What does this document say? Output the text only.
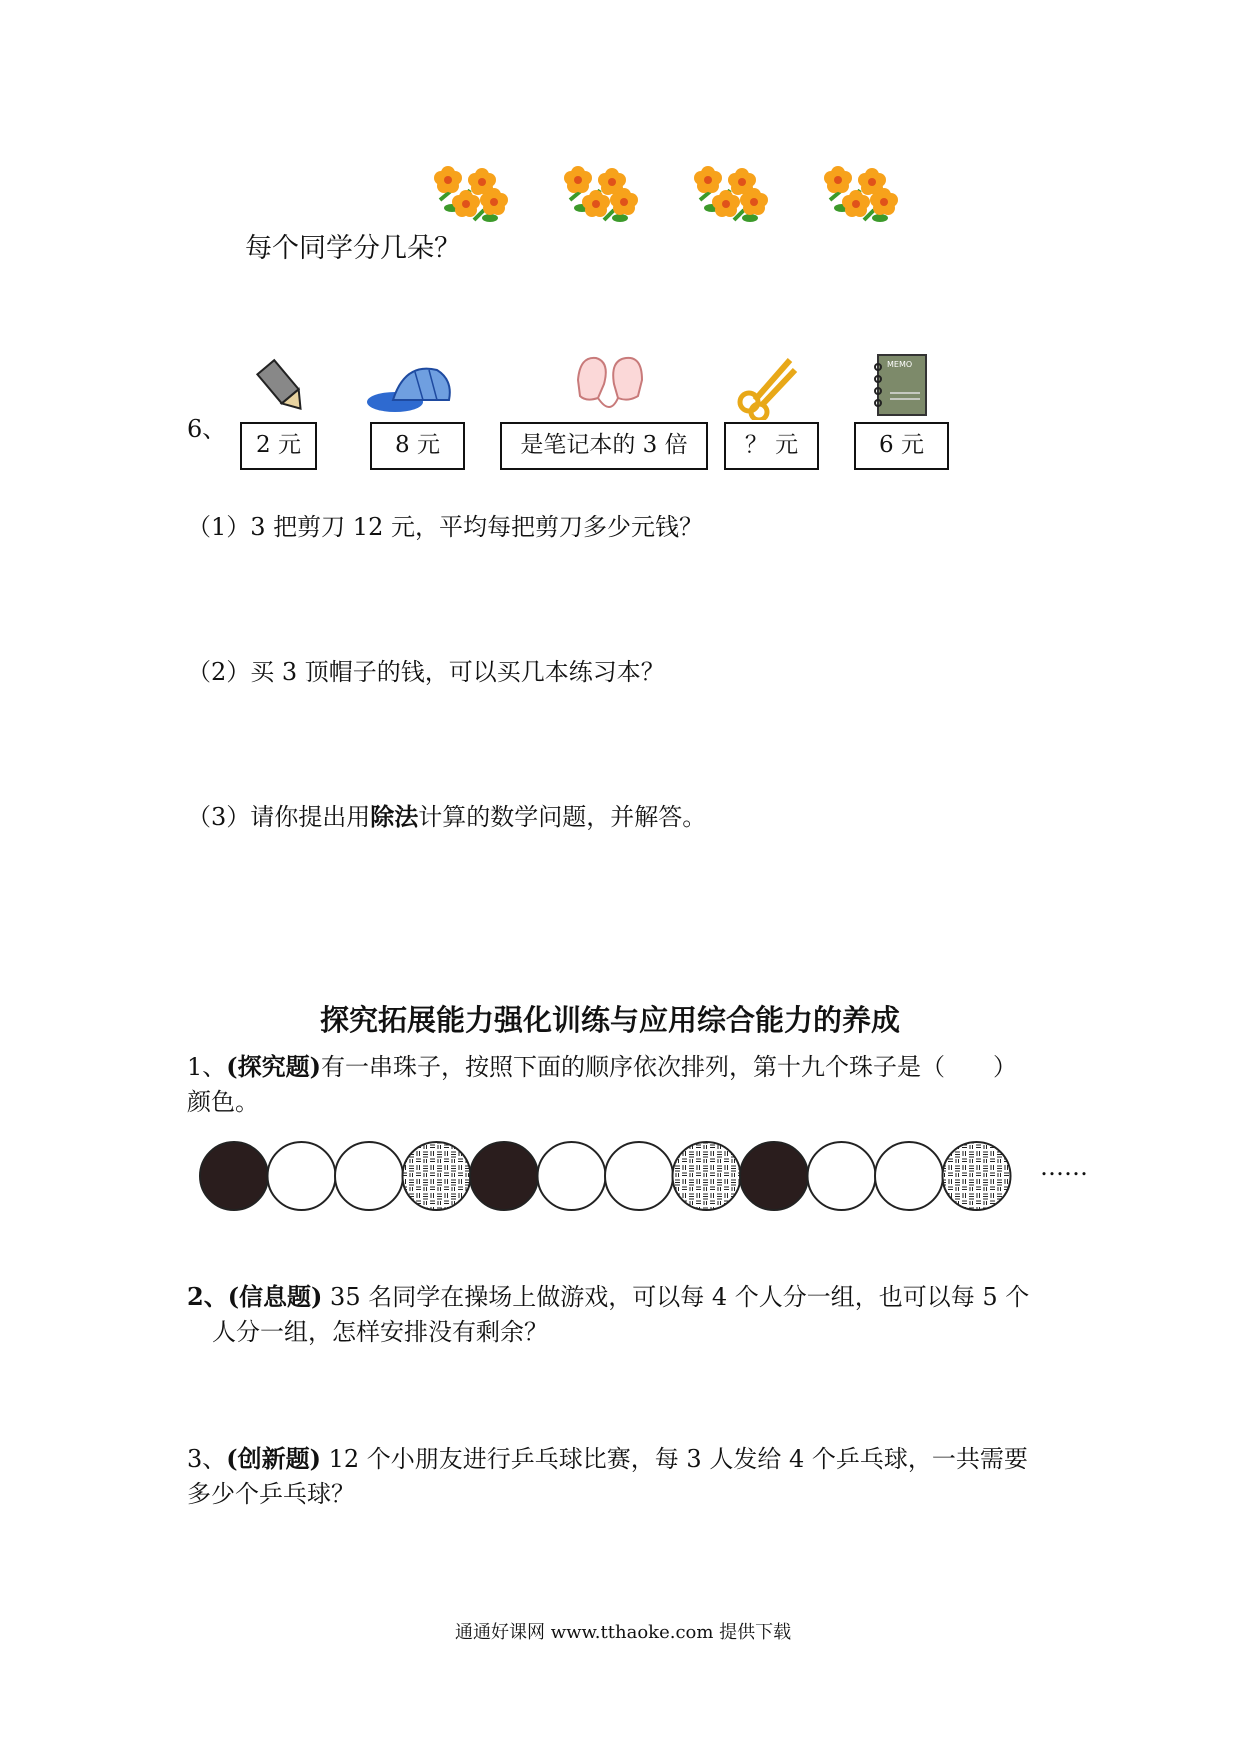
每个同学分几朵？
MEMO
6、
2 元	8 元	是笔记本的 3 倍	？ 元	6 元
（1）3 把剪刀 12 元，平均每把剪刀多少元钱？
（2）买 3 顶帽子的钱，可以买几本练习本？
（3）请你提出用除法计算的数学问题，并解答。
探究拓展能力强化训练与应用综合能力的养成
1、(探究题)有一串珠子，按照下面的顺序依次排列，第十九个珠子是（　　）
颜色。
……
2、(信息题) 35 名同学在操场上做游戏，可以每 4 个人分一组，也可以每 5 个
人分一组，怎样安排没有剩余？
3、(创新题) 12 个小朋友进行乒乓球比赛，每 3 人发给 4 个乒乓球，一共需要
多少个乒乓球？
通通好课网 www.tthaoke.com 提供下载
